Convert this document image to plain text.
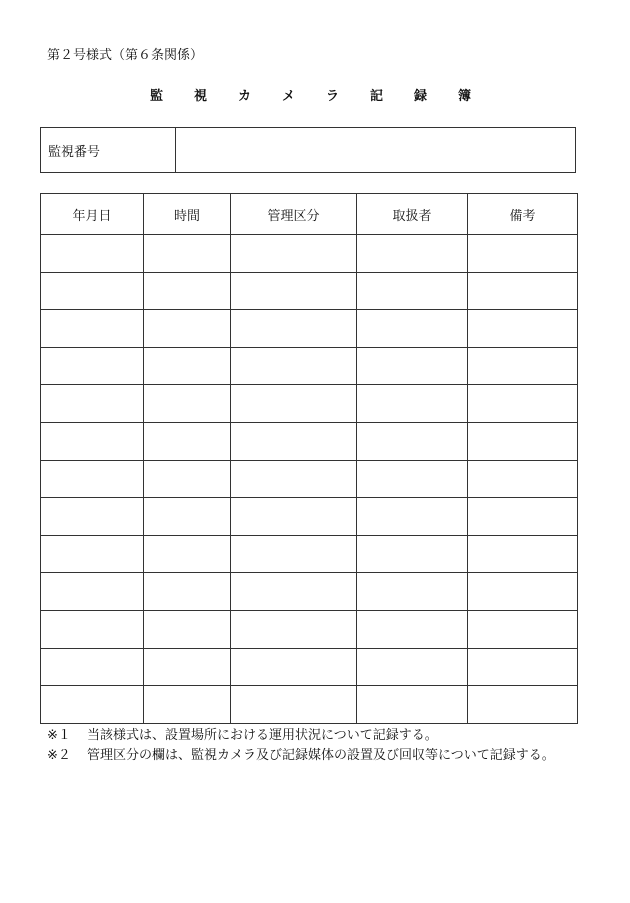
第２号様式（第６条関係）
監　視　カ　メ　ラ　記　録　簿
監視番号
年月日	時間	管理区分	取扱者	備考

※１	当該様式は、設置場所における運用状況について記録する。
※２	管理区分の欄は、監視カメラ及び記録媒体の設置及び回収等について記録する。
